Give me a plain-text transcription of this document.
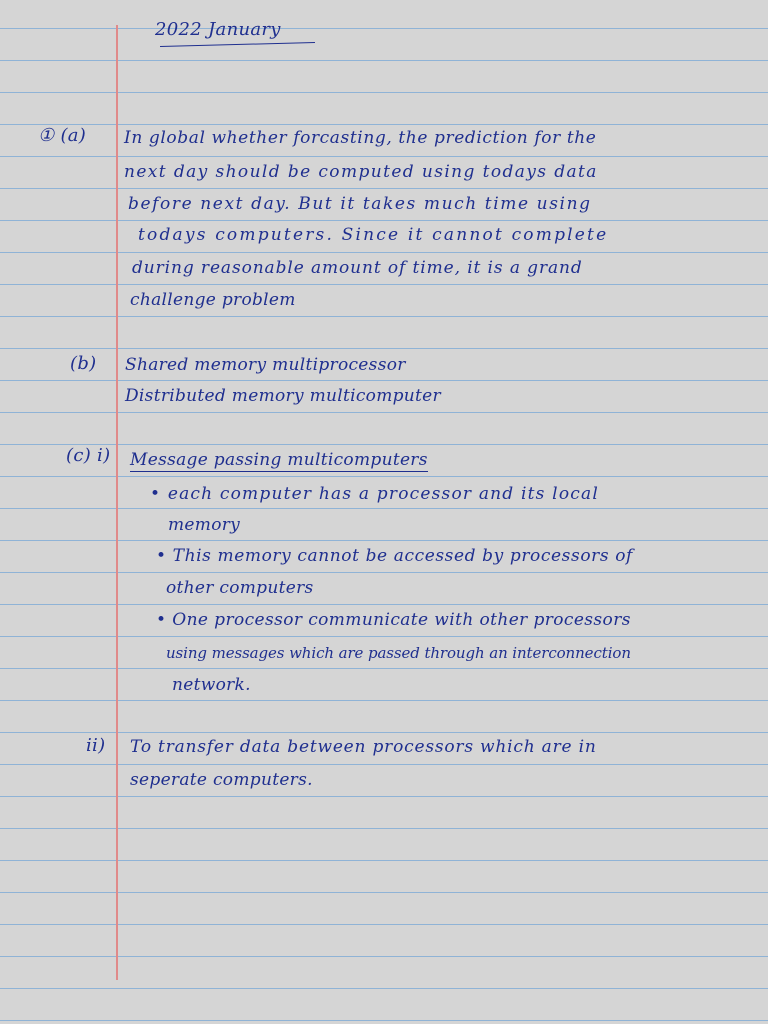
2022 January
① (a) In global whether forcasting, the prediction for the
next day should be computed using todays data
before next day. But it takes much time using
todays computers. Since it cannot complete
during reasonable amount of time, it is a grand
challenge problem
(b) Shared memory multiprocessor
Distributed memory multicomputer
(c) i) Message passing multicomputers
• each computer has a processor and its local
memory
• This memory cannot be accessed by processors of
other computers
• One processor communicate with other processors
using messages which are passed through an interconnection
network.
ii) To transfer data between processors which are in
seperate computers.
